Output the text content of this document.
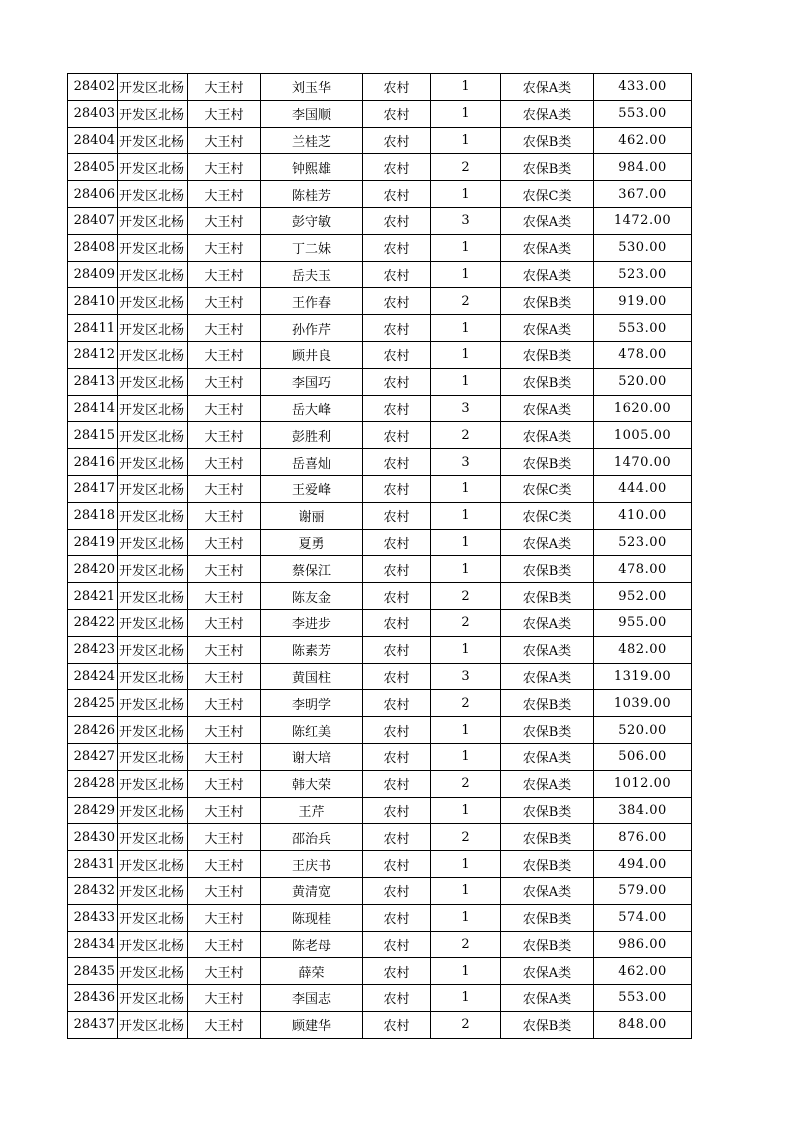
28402	开发区北杨	大王村	刘玉华	农村	1	农保A类	433.00
28403	开发区北杨	大王村	李国顺	农村	1	农保A类	553.00
28404	开发区北杨	大王村	兰桂芝	农村	1	农保B类	462.00
28405	开发区北杨	大王村	钟熙雄	农村	2	农保B类	984.00
28406	开发区北杨	大王村	陈桂芳	农村	1	农保C类	367.00
28407	开发区北杨	大王村	彭守敏	农村	3	农保A类	1472.00
28408	开发区北杨	大王村	丁二妹	农村	1	农保A类	530.00
28409	开发区北杨	大王村	岳夫玉	农村	1	农保A类	523.00
28410	开发区北杨	大王村	王作春	农村	2	农保B类	919.00
28411	开发区北杨	大王村	孙作芹	农村	1	农保A类	553.00
28412	开发区北杨	大王村	顾井良	农村	1	农保B类	478.00
28413	开发区北杨	大王村	李国巧	农村	1	农保B类	520.00
28414	开发区北杨	大王村	岳大峰	农村	3	农保A类	1620.00
28415	开发区北杨	大王村	彭胜利	农村	2	农保A类	1005.00
28416	开发区北杨	大王村	岳喜灿	农村	3	农保B类	1470.00
28417	开发区北杨	大王村	王爱峰	农村	1	农保C类	444.00
28418	开发区北杨	大王村	谢丽	农村	1	农保C类	410.00
28419	开发区北杨	大王村	夏勇	农村	1	农保A类	523.00
28420	开发区北杨	大王村	蔡保江	农村	1	农保B类	478.00
28421	开发区北杨	大王村	陈友金	农村	2	农保B类	952.00
28422	开发区北杨	大王村	李进步	农村	2	农保A类	955.00
28423	开发区北杨	大王村	陈素芳	农村	1	农保A类	482.00
28424	开发区北杨	大王村	黄国柱	农村	3	农保A类	1319.00
28425	开发区北杨	大王村	李明学	农村	2	农保B类	1039.00
28426	开发区北杨	大王村	陈红美	农村	1	农保B类	520.00
28427	开发区北杨	大王村	谢大培	农村	1	农保A类	506.00
28428	开发区北杨	大王村	韩大荣	农村	2	农保A类	1012.00
28429	开发区北杨	大王村	王芹	农村	1	农保B类	384.00
28430	开发区北杨	大王村	邵治兵	农村	2	农保B类	876.00
28431	开发区北杨	大王村	王庆书	农村	1	农保B类	494.00
28432	开发区北杨	大王村	黄清宽	农村	1	农保A类	579.00
28433	开发区北杨	大王村	陈现桂	农村	1	农保B类	574.00
28434	开发区北杨	大王村	陈老母	农村	2	农保B类	986.00
28435	开发区北杨	大王村	薛荣	农村	1	农保A类	462.00
28436	开发区北杨	大王村	李国志	农村	1	农保A类	553.00
28437	开发区北杨	大王村	顾建华	农村	2	农保B类	848.00
